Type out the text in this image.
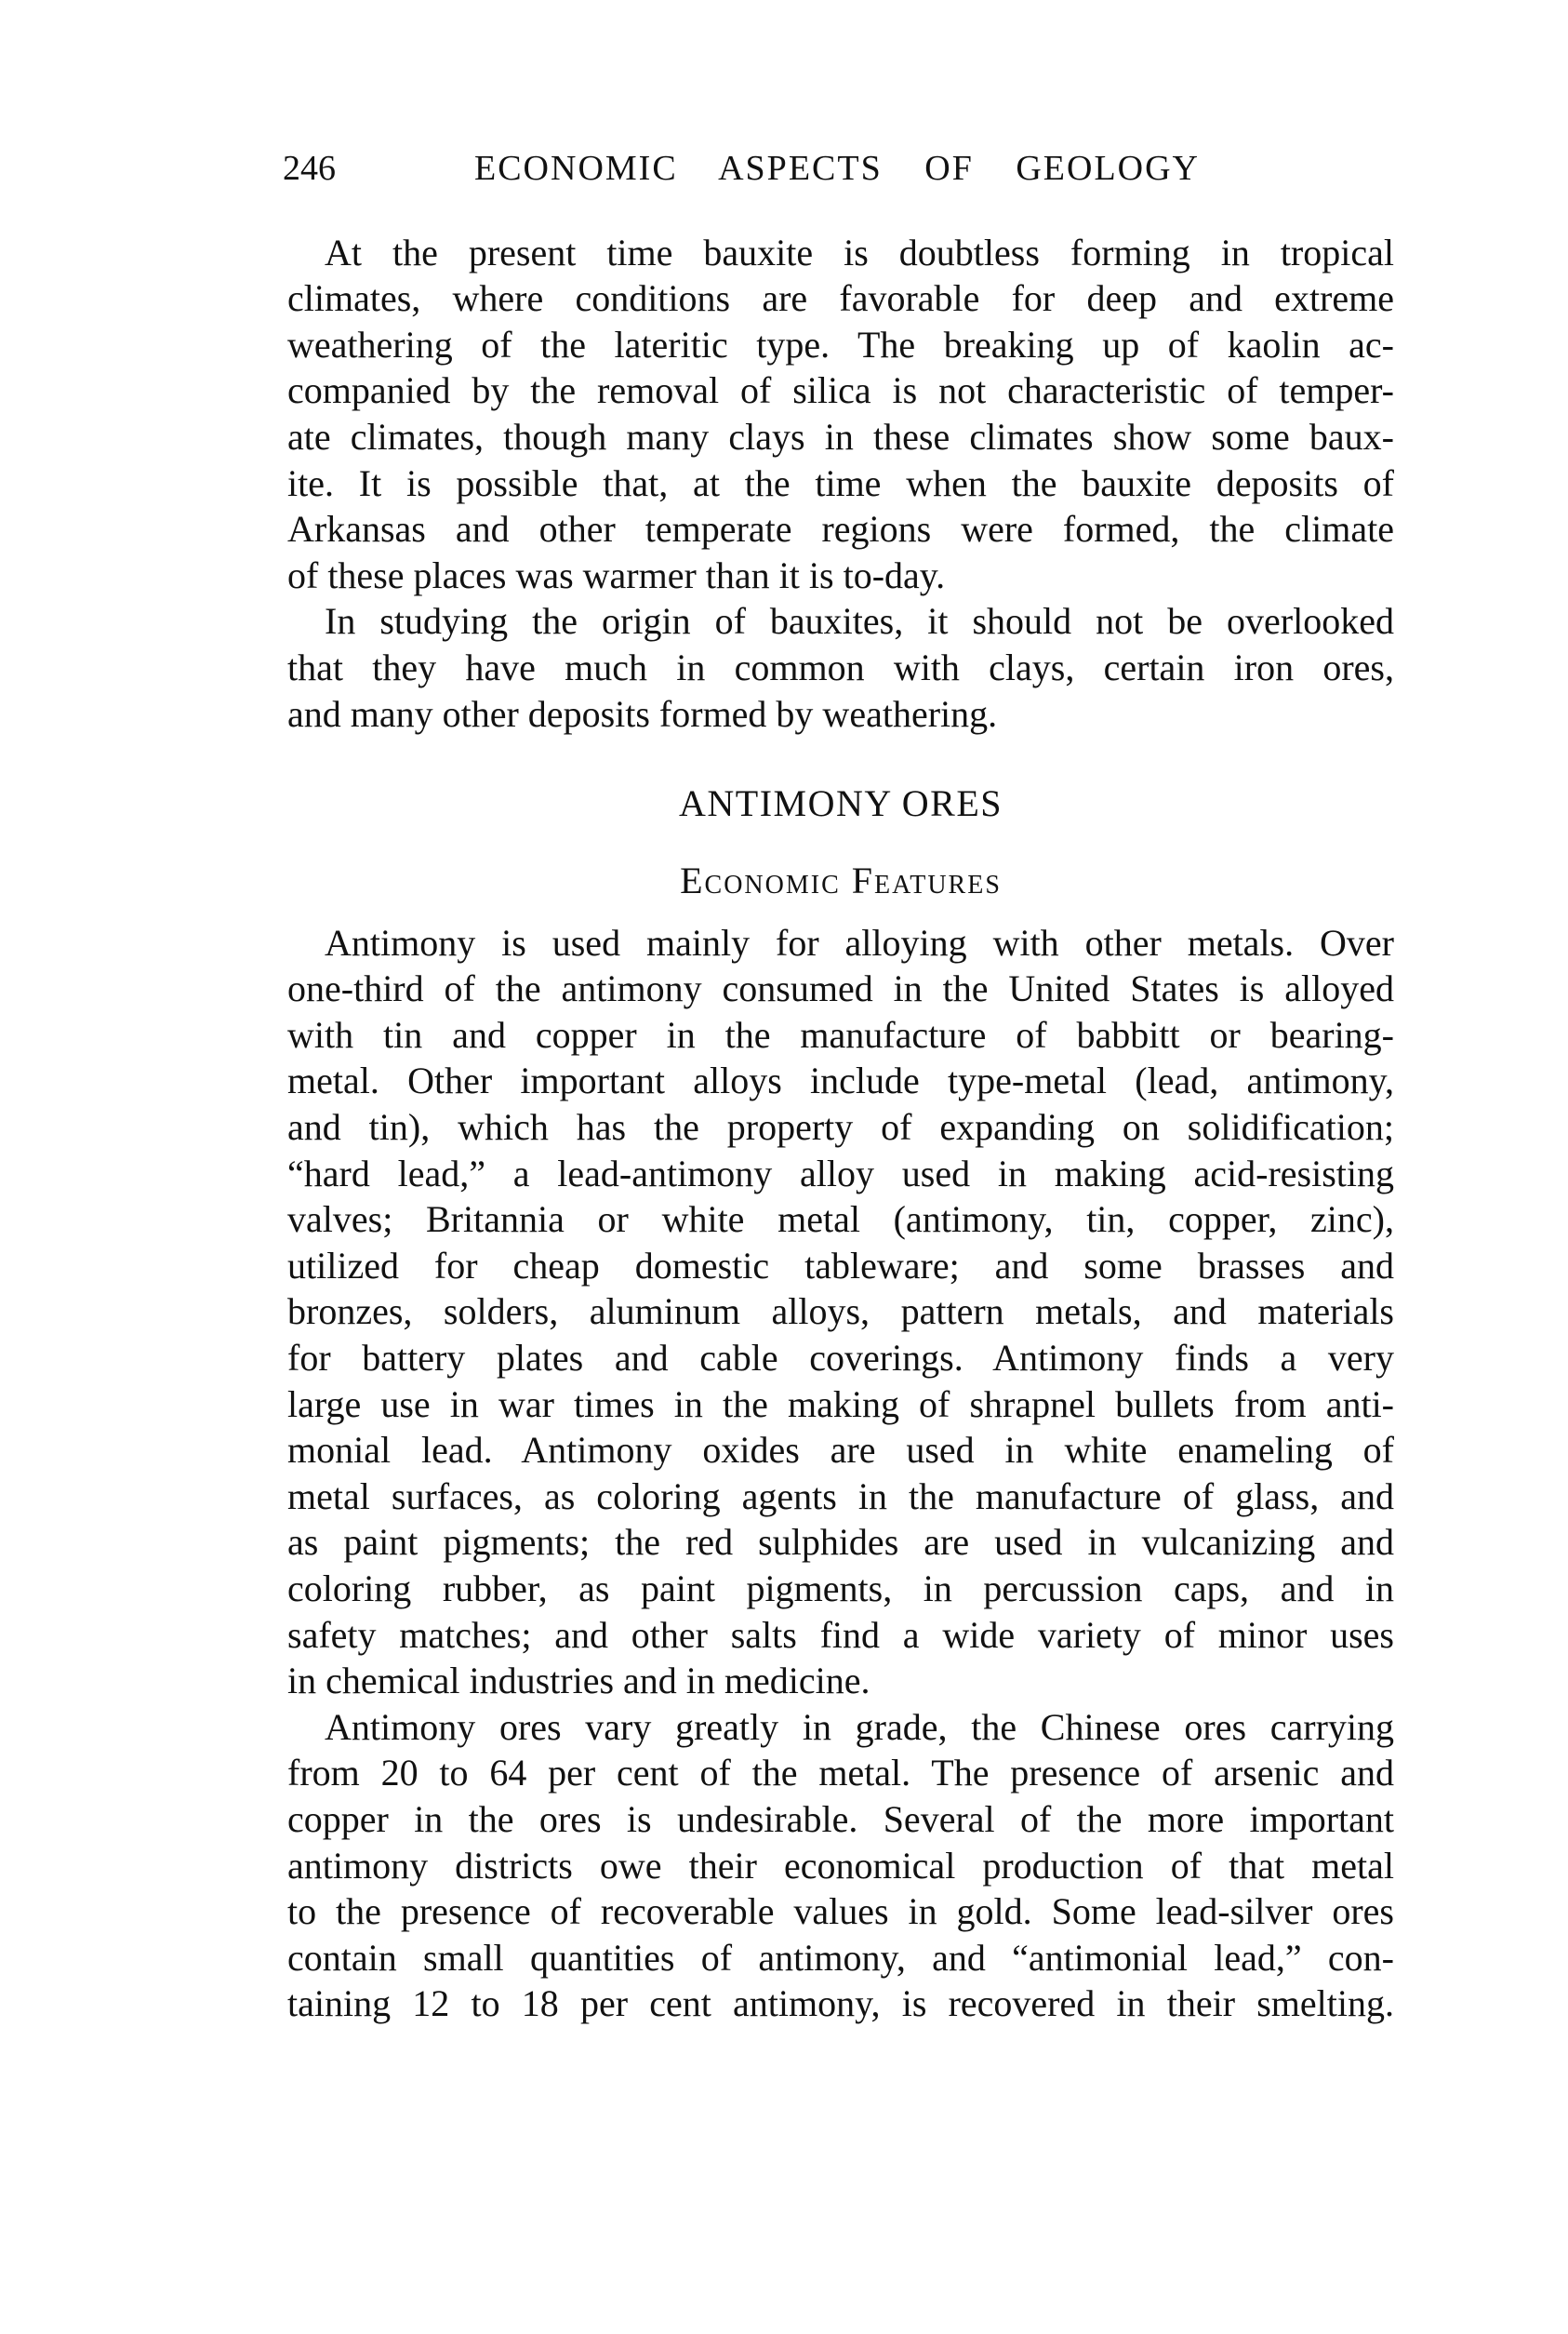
246	ECONOMIC ASPECTS OF GEOLOGY
At the present time bauxite is doubtless forming in tropical
climates, where conditions are favorable for deep and extreme
weathering of the lateritic type. The breaking up of kaolin ac-
companied by the removal of silica is not characteristic of temper-
ate climates, though many clays in these climates show some baux-
ite. It is possible that, at the time when the bauxite deposits of
Arkansas and other temperate regions were formed, the climate
of these places was warmer than it is to-day.
In studying the origin of bauxites, it should not be overlooked
that they have much in common with clays, certain iron ores,
and many other deposits formed by weathering.
ANTIMONY ORES
Economic Features
Antimony is used mainly for alloying with other metals. Over
one-third of the antimony consumed in the United States is alloyed
with tin and copper in the manufacture of babbitt or bearing-
metal. Other important alloys include type-metal (lead, antimony,
and tin), which has the property of expanding on solidification;
“hard lead,” a lead-antimony alloy used in making acid-resisting
valves; Britannia or white metal (antimony, tin, copper, zinc),
utilized for cheap domestic tableware; and some brasses and
bronzes, solders, aluminum alloys, pattern metals, and materials
for battery plates and cable coverings. Antimony finds a very
large use in war times in the making of shrapnel bullets from anti-
monial lead. Antimony oxides are used in white enameling of
metal surfaces, as coloring agents in the manufacture of glass, and
as paint pigments; the red sulphides are used in vulcanizing and
coloring rubber, as paint pigments, in percussion caps, and in
safety matches; and other salts find a wide variety of minor uses
in chemical industries and in medicine.
Antimony ores vary greatly in grade, the Chinese ores carrying
from 20 to 64 per cent of the metal. The presence of arsenic and
copper in the ores is undesirable. Several of the more important
antimony districts owe their economical production of that metal
to the presence of recoverable values in gold. Some lead-silver ores
contain small quantities of antimony, and “antimonial lead,” con-
taining 12 to 18 per cent antimony, is recovered in their smelting.
